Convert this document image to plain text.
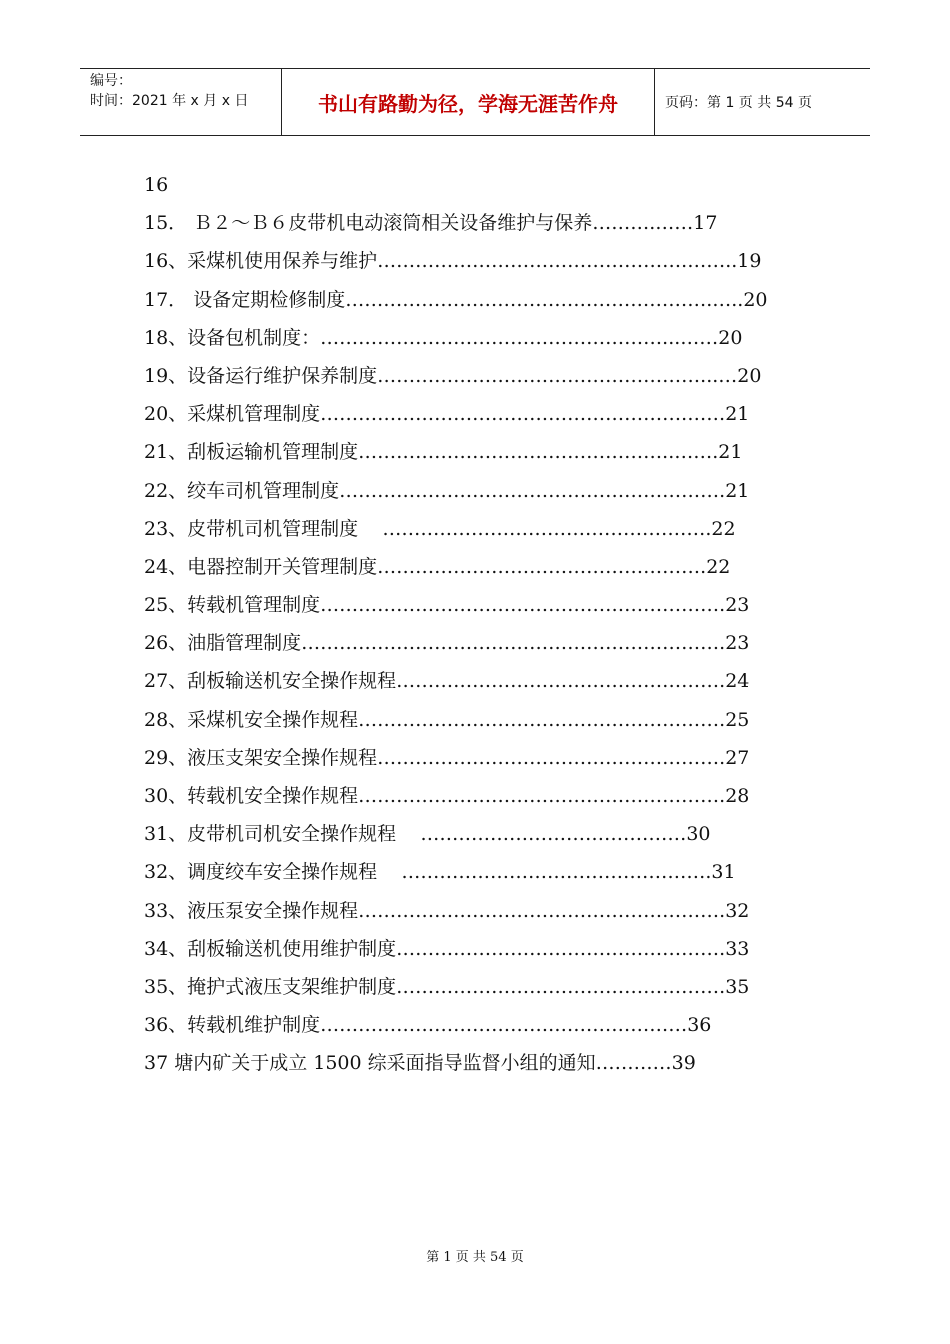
编号：
时间：2021 年 x 月 x 日	书山有路勤为径，学海无涯苦作舟	页码：第 1 页 共 54 页
16
15． Ｂ２～Ｂ６皮带机电动滚筒相关设备维护与保养……….……17
16、采煤机使用保养与维护………………………………………….……..19
17． 设备定期检修制度………………………………………………….…..20
18、设备包机制度：………………………………………………...……20
19、设备运行维护保养制度……………………………………………...…20
20、采煤机管理制度………………………………………………….……21
21、刮板运输机管理制度…………………………………………..…….21
22、绞车司机管理制度…………………………………………………….21
23、皮带机司机管理制度    …………………………………………….22
24、电器控制开关管理制度…………………………………………….22
25、转载机管理制度……………………………………………………….23
26、油脂管理制度………………………………………………………….23
27、刮板输送机安全操作规程…………………………………………….24
28、采煤机安全操作规程………………………………………………….25
29、液压支架安全操作规程……………………………………………….27
30、转载机安全操作规程………………………………………………….28
31、皮带机司机安全操作规程    ……………………………………30
32、调度绞车安全操作规程    ………………………………………….31
33、液压泵安全操作规程………………………………………………….32
34、刮板输送机使用维护制度…………………………………………….33
35、掩护式液压支架维护制度…………………………………………….35
36、转载机维护制度……………………………….…………………36
37 塘内矿关于成立 1500 综采面指导监督小组的通知…………39
第 1 页 共 54 页
